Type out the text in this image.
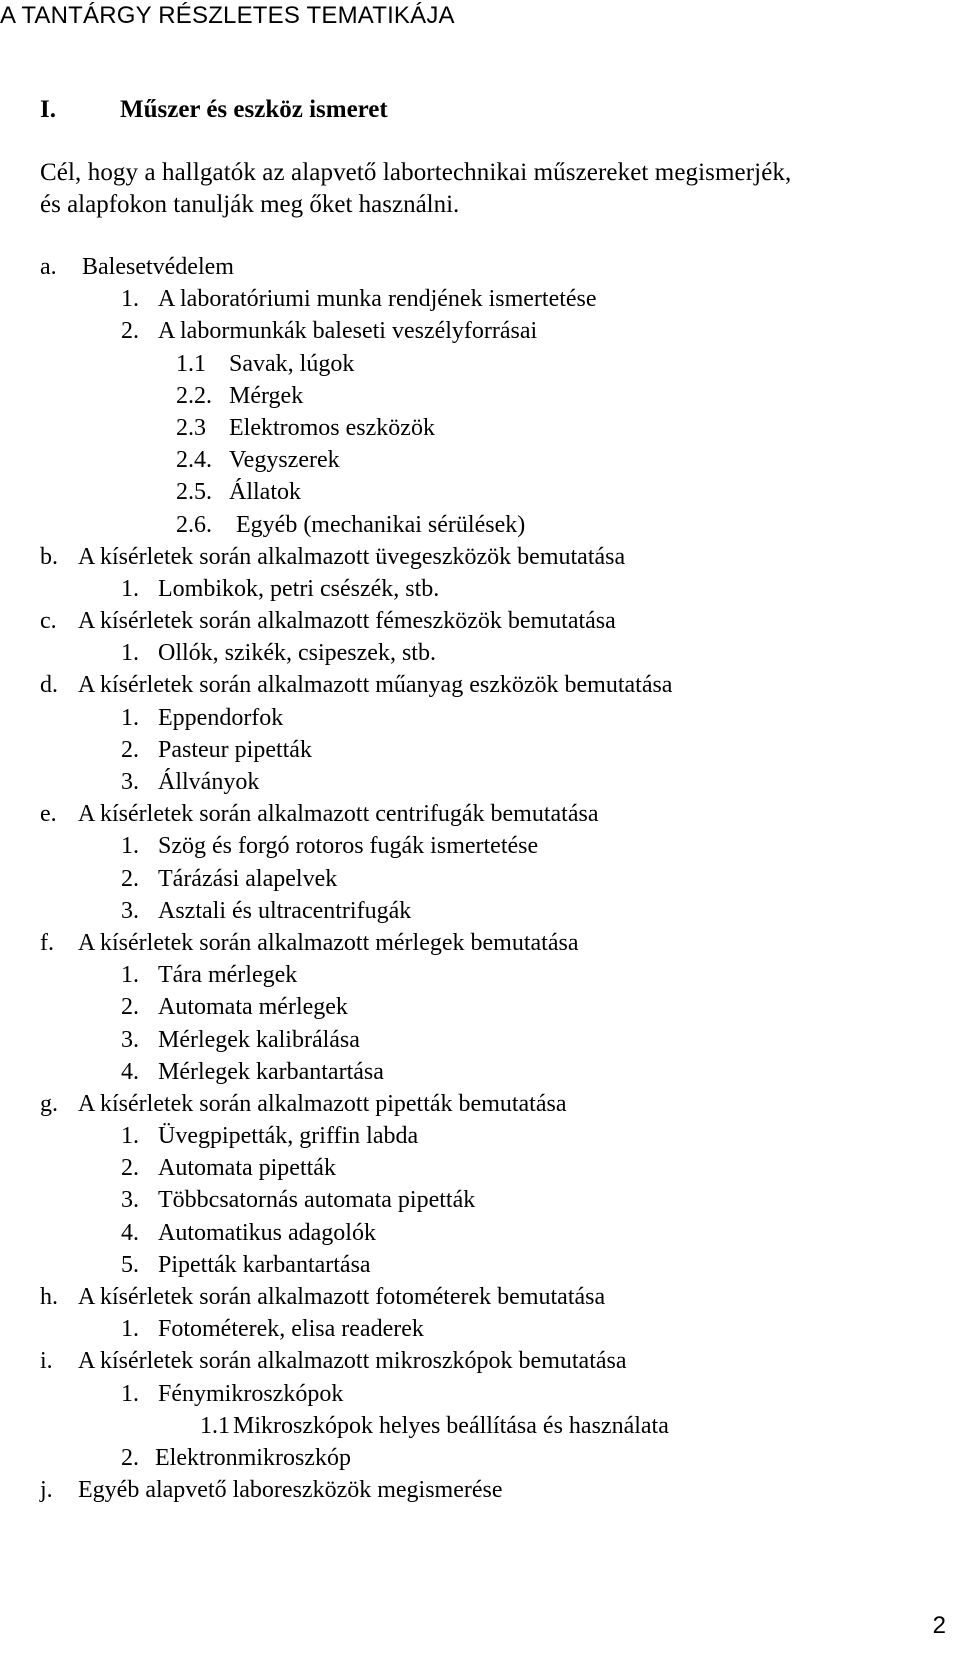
A TANTÁRGY RÉSZLETES TEMATIKÁJA
I.	Műszer és eszköz ismeret
Cél, hogy a hallgatók az alapvető labortechnikai műszereket megismerjék,
és alapfokon tanulják meg őket használni.
a.	Balesetvédelem
1. A laboratóriumi munka rendjének ismertetése
2. A labormunkák baleseti veszélyforrásai
1.1 Savak, lúgok
2.2. Mérgek
2.3 Elektromos eszközök
2.4. Vegyszerek
2.5. Állatok
2.6.	Egyéb (mechanikai sérülések)
b. A kísérletek során alkalmazott üvegeszközök bemutatása
1. Lombikok, petri csészék, stb.
c. A kísérletek során alkalmazott fémeszközök bemutatása
1. Ollók, szikék, csipeszek, stb.
d. A kísérletek során alkalmazott műanyag eszközök bemutatása
1. Eppendorfok
2. Pasteur pipetták
3. Állványok
e. A kísérletek során alkalmazott centrifugák bemutatása
1. Szög és forgó rotoros fugák ismertetése
2. Tárázási alapelvek
3. Asztali és ultracentrifugák
f.	A kísérletek során alkalmazott mérlegek bemutatása
1. Tára mérlegek
2. Automata mérlegek
3. Mérlegek kalibrálása
4. Mérlegek karbantartása
g. A kísérletek során alkalmazott pipetták bemutatása
1. Üvegpipetták, griffin labda
2. Automata pipetták
3. Többcsatornás automata pipetták
4. Automatikus adagolók
5. Pipetták karbantartása
h. A kísérletek során alkalmazott fotométerek bemutatása
1. Fotométerek, elisa readerek
i.	A kísérletek során alkalmazott mikroszkópok bemutatása
1. Fénymikroszkópok
1.1 Mikroszkópok helyes beállítása és használata
2. Elektronmikroszkóp
j.	Egyéb alapvető laboreszközök megismerése
2
